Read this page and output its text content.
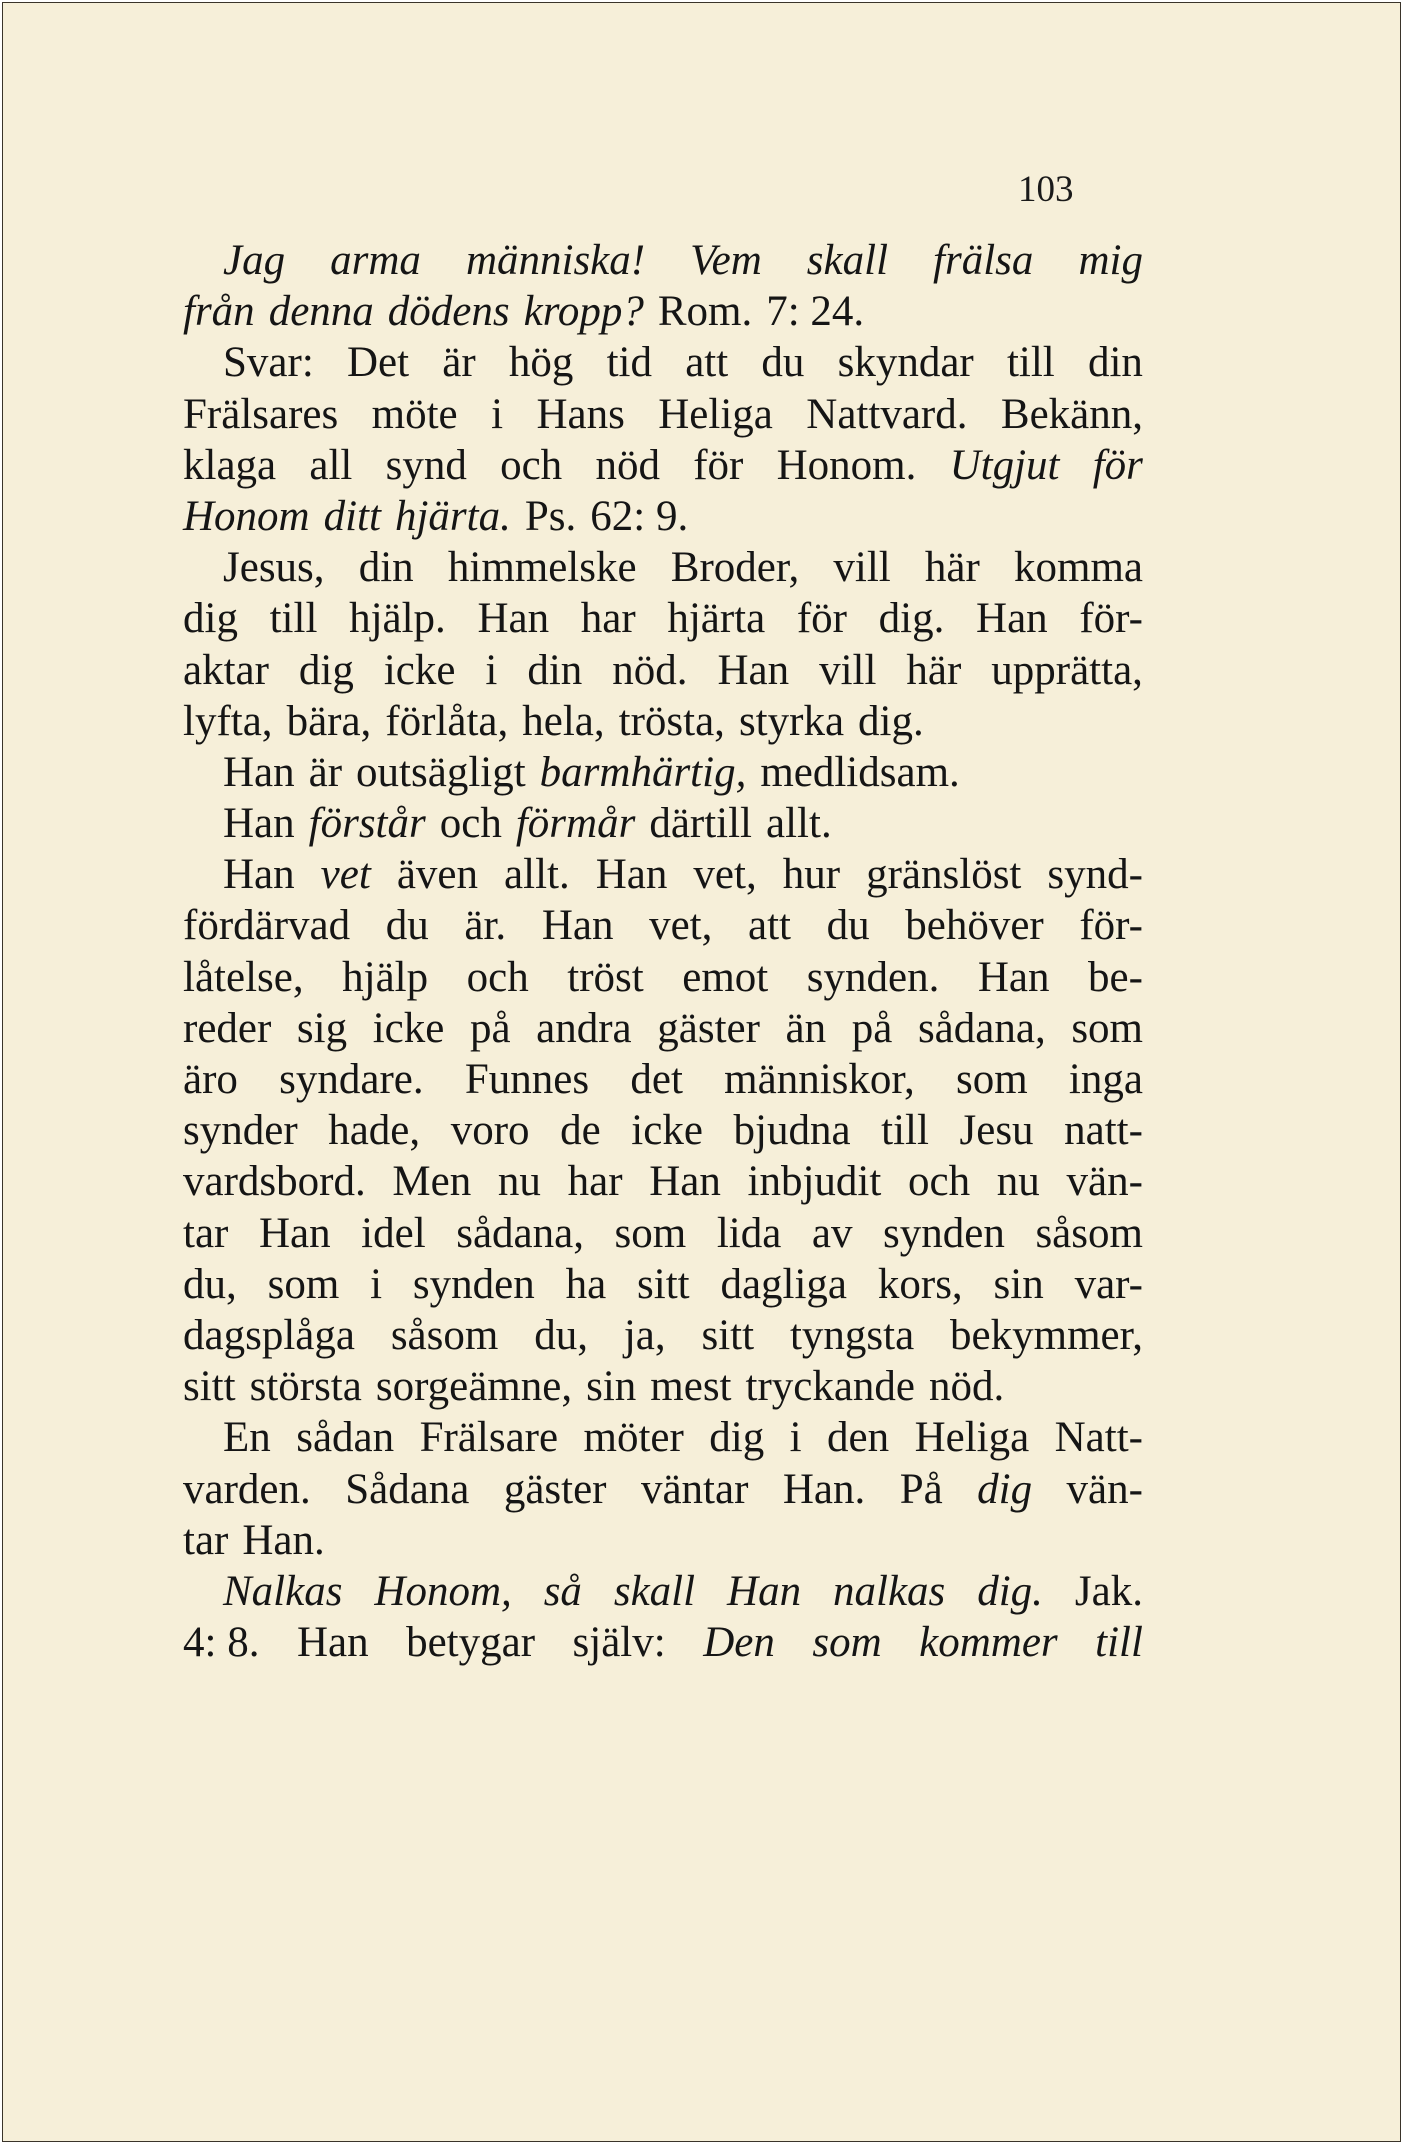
103
Jag arma människa! Vem skall frälsa mig
från denna dödens kropp? Rom. 7: 24.
Svar: Det är hög tid att du skyndar till din
Frälsares möte i Hans Heliga Nattvard. Bekänn,
klaga all synd och nöd för Honom. Utgjut för
Honom ditt hjärta. Ps. 62: 9.
Jesus, din himmelske Broder, vill här komma
dig till hjälp. Han har hjärta för dig. Han för-
aktar dig icke i din nöd. Han vill här upprätta,
lyfta, bära, förlåta, hela, trösta, styrka dig.
Han är outsägligt barmhärtig, medlidsam.
Han förstår och förmår därtill allt.
Han vet även allt. Han vet, hur gränslöst synd-
fördärvad du är. Han vet, att du behöver för-
låtelse, hjälp och tröst emot synden. Han be-
reder sig icke på andra gäster än på sådana, som
äro syndare. Funnes det människor, som inga
synder hade, voro de icke bjudna till Jesu natt-
vardsbord. Men nu har Han inbjudit och nu vän-
tar Han idel sådana, som lida av synden såsom
du, som i synden ha sitt dagliga kors, sin var-
dagsplåga såsom du, ja, sitt tyngsta bekymmer,
sitt största sorgeämne, sin mest tryckande nöd.
En sådan Frälsare möter dig i den Heliga Natt-
varden. Sådana gäster väntar Han. På dig vän-
tar Han.
Nalkas Honom, så skall Han nalkas dig. Jak.
4: 8. Han betygar själv: Den som kommer till
